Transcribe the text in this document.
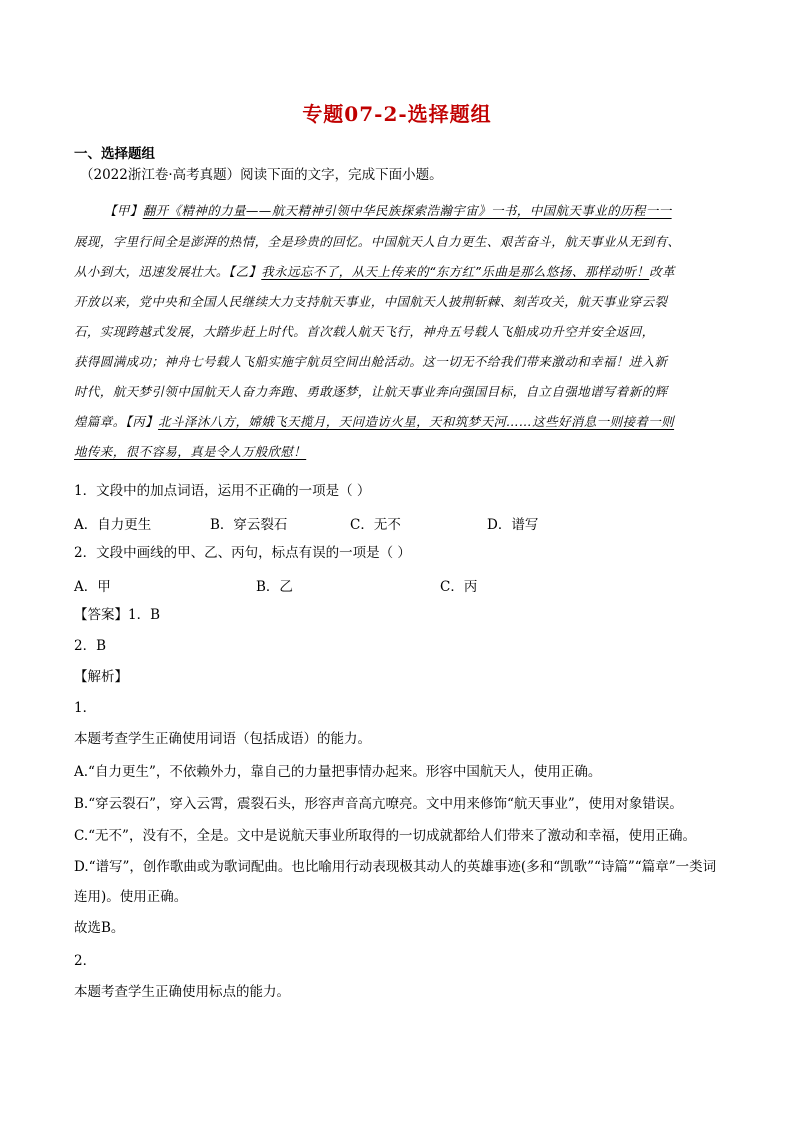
专题07-2-选择题组
一、选择题组
（2022浙江卷·高考真题）阅读下面的文字，完成下面小题。
【甲】翻开《精神的力量——航天精神引领中华民族探索浩瀚宇宙》一书，中国航天事业的历程一一
展现，字里行间全是澎湃的热情，全是珍贵的回忆。中国航天人自力更生、艰苦奋斗，航天事业从无到有、
从小到大，迅速发展壮大。【乙】我永远忘不了，从天上传来的“东方红”乐曲是那么悠扬、那样动听！改革
开放以来，党中央和全国人民继续大力支持航天事业，中国航天人披荆斩棘、刻苦攻关，航天事业穿云裂
石，实现跨越式发展，大踏步赶上时代。首次载人航天飞行，神舟五号载人飞船成功升空并安全返回，
获得圆满成功；神舟七号载人飞船实施宇航员空间出舱活动。这一切无不给我们带来激动和幸福！进入新
时代，航天梦引领中国航天人奋力奔跑、勇敢逐梦，让航天事业奔向强国目标，自立自强地谱写着新的辉
煌篇章。【丙】北斗泽沐八方，嫦娥飞天揽月，天问造访火星，天和筑梦天河……这些好消息一则接着一则
地传来，很不容易，真是令人万般欣慰！
1．文段中的加点词语，运用不正确的一项是（ ）
A．自力更生	B．穿云裂石	C．无不	D．谱写
2．文段中画线的甲、乙、丙句，标点有误的一项是（ ）
A．甲	B．乙	C．丙
【答案】1．B
2．B
【解析】
1．
本题考查学生正确使用词语（包括成语）的能力。
A.“自力更生”，不依赖外力，靠自己的力量把事情办起来。形容中国航天人，使用正确。
B.“穿云裂石”，穿入云霄，震裂石头，形容声音高亢嘹亮。文中用来修饰“航天事业”，使用对象错误。
C.“无不”，没有不，全是。文中是说航天事业所取得的一切成就都给人们带来了激动和幸福，使用正确。
D.“谱写”，创作歌曲或为歌词配曲。也比喻用行动表现极其动人的英雄事迹(多和“凯歌”“诗篇”“篇章”一类词
连用)。使用正确。
故选B。
2．
本题考查学生正确使用标点的能力。
